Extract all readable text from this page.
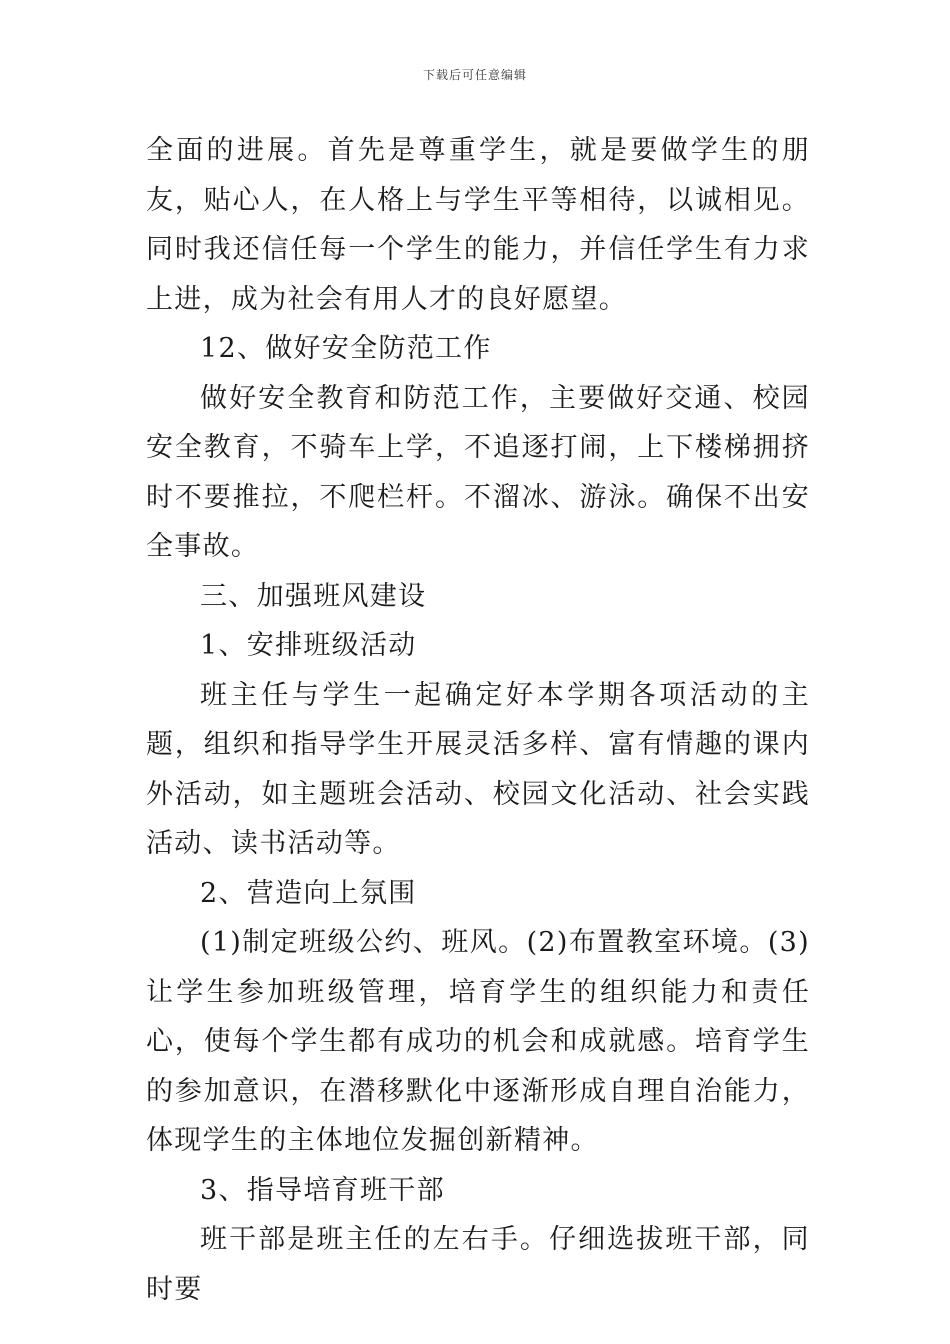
下载后可任意编辑

全面的进展。首先是尊重学生，就是要做学生的朋友，贴心人，在人格上与学生平等相待，以诚相见。同时我还信任每一个学生的能力，并信任学生有力求上进，成为社会有用人才的良好愿望。

12、做好安全防范工作

做好安全教育和防范工作，主要做好交通、校园安全教育，不骑车上学，不追逐打闹，上下楼梯拥挤时不要推拉，不爬栏杆。不溜冰、游泳。确保不出安全事故。

三、加强班风建设

1、安排班级活动

班主任与学生一起确定好本学期各项活动的主题，组织和指导学生开展灵活多样、富有情趣的课内外活动，如主题班会活动、校园文化活动、社会实践活动、读书活动等。

2、营造向上氛围

(1)制定班级公约、班风。(2)布置教室环境。(3)让学生参加班级管理，培育学生的组织能力和责任心，使每个学生都有成功的机会和成就感。培育学生的参加意识，在潜移默化中逐渐形成自理自治能力，体现学生的主体地位发掘创新精神。

3、指导培育班干部

班干部是班主任的左右手。仔细选拔班干部，同时要
